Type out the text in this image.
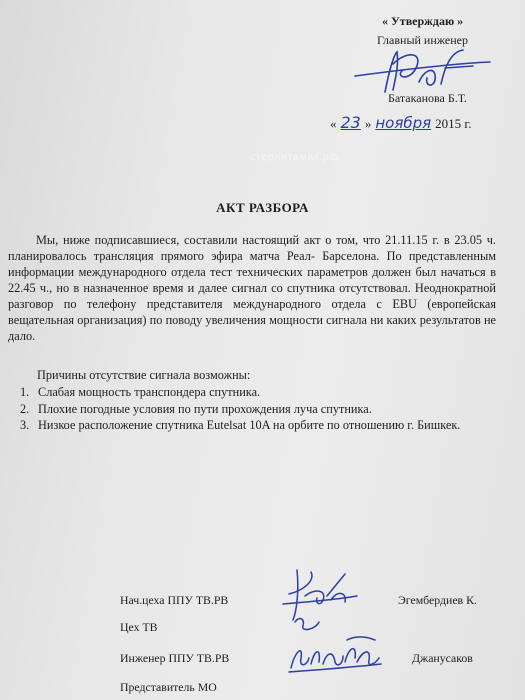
« Утверждаю »
Главный инженер
Батаканова Б.Т.
« 23 » ноября 2015 г.
стерлитамак.рф
АКТ РАЗБОРА

Мы, ниже подписавшиеся, составили настоящий акт о том, что 21.11.15 г. в 23.05 ч. планировалось трансляция прямого эфира матча Реал- Барселона. По представленным информации международного отдела тест технических параметров должен был начаться в 22.45 ч., но в назначенное время и далее сигнал со спутника отсутствовал. Неоднократной разговор по телефону представителя международного отдела с EBU (европейская вещательная организация) по поводу увеличения мощности сигнала ни каких результатов не дало.

Причины отсутствие сигнала возможны:
1. Слабая мощность транспондера спутника.
2. Плохие погодные условия по пути прохождения луча спутника.
3. Низкое расположение спутника Eutelsat 10A на орбите по отношению г. Бишкек.
Нач.цеха ППУ ТВ.РВ	Эгембердиев К.
Цех ТВ
Инженер ППУ ТВ.РВ	Джанусаков
Представитель МО
